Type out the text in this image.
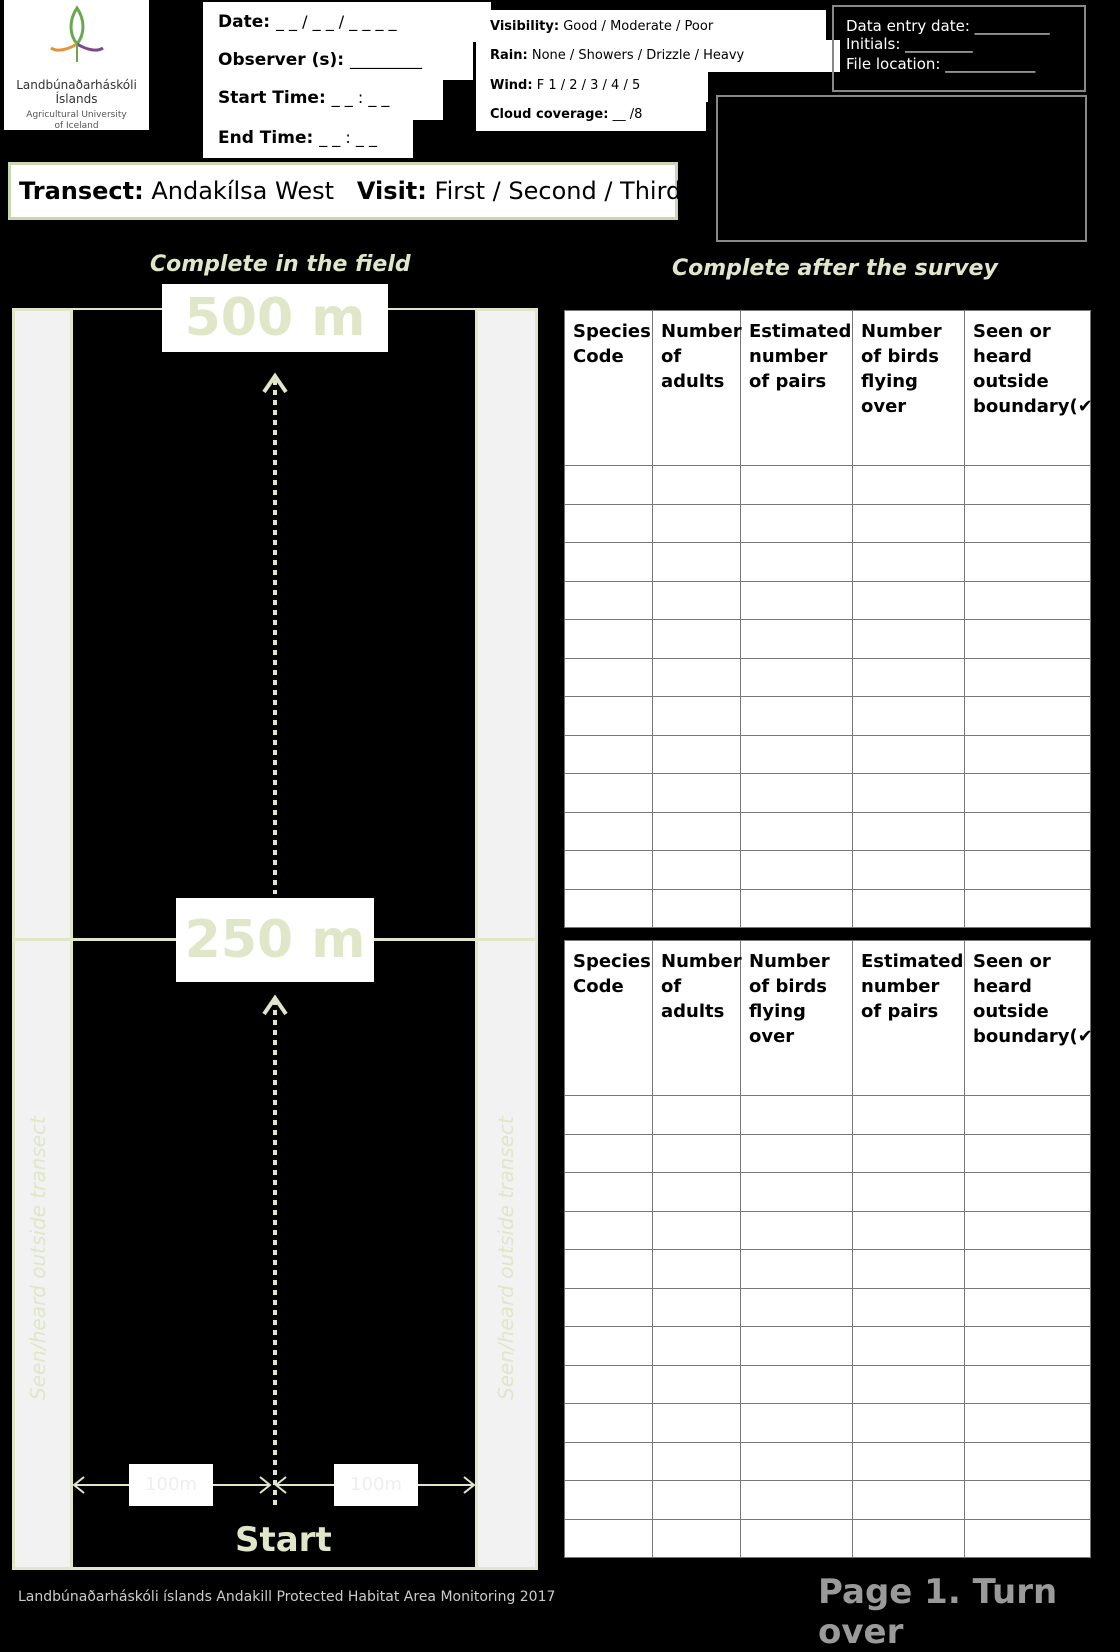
Landbúnaðarháskóli
Íslands
Agricultural University
of Iceland
Date: _ _ / _ _ / _ _ _ _
Observer (s): _________
Start Time: _ _ : _ _
End Time: _ _ : _ _
Visibility: Good / Moderate / Poor
Rain: None / Showers / Drizzle / Heavy
Wind: F 1 / 2 / 3 / 4 / 5
Cloud coverage: __ /8
Data entry date: __________
Initials: _________
File location: ____________
Transect: Andakílsa West Visit: First / Second / Third
Complete in the field	Complete after the survey
500 m
250 m
Seen/heard outside transect	Seen/heard outside transect
100m	100m
Start
Species Code	Number of adults	Estimated number of pairs	Number of birds flying over	Seen or heard outside boundary(✔)

Species Code	Number of adults	Number of birds flying over	Estimated number of pairs	Seen or heard outside boundary(✔)

Landbúnaðarháskóli íslands Andakill Protected Habitat Area Monitoring 2017	Page 1. Turn over
